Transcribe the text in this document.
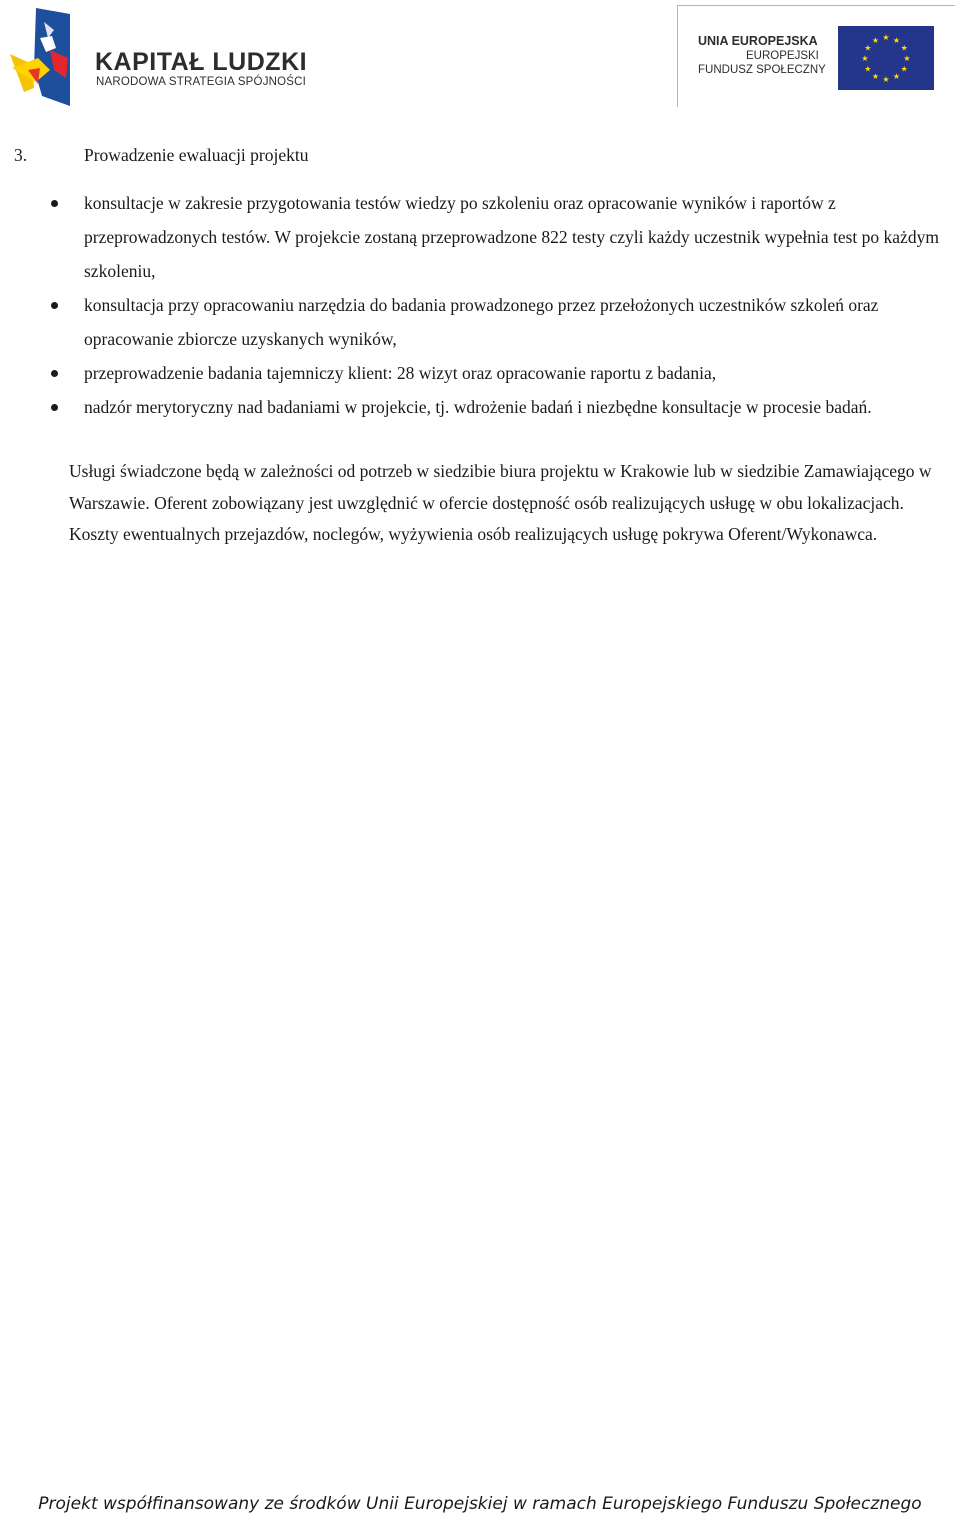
KAPITAŁ LUDZKI
NARODOWA STRATEGIA SPÓJNOŚCI
UNIA EUROPEJSKA
EUROPEJSKI
FUNDUSZ SPOŁECZNY
★ ★
★
★
★
★
★
★
★
★
★
★
3.	Prowadzenie ewaluacji projektu
konsultacje w zakresie przygotowania testów wiedzy po szkoleniu oraz opracowanie wyników i raportów z przeprowadzonych testów. W projekcie zostaną przeprowadzone 822 testy czyli każdy uczestnik wypełnia test po każdym szkoleniu,
konsultacja przy opracowaniu narzędzia do badania prowadzonego przez przełożonych uczestników szkoleń oraz opracowanie zbiorcze uzyskanych wyników,
przeprowadzenie badania tajemniczy klient: 28 wizyt oraz opracowanie raportu z badania,
nadzór merytoryczny nad badaniami w projekcie, tj. wdrożenie badań i niezbędne konsultacje w procesie badań.

Usługi świadczone będą w zależności od potrzeb w siedzibie biura projektu w Krakowie lub w siedzibie Zamawiającego w Warszawie. Oferent zobowiązany jest uwzględnić w ofercie dostępność osób realizujących usługę w obu lokalizacjach. Koszty ewentualnych przejazdów, noclegów, wyżywienia osób realizujących usługę pokrywa Oferent/Wykonawca.

Projekt współfinansowany ze środków Unii Europejskiej w ramach Europejskiego Funduszu Społecznego
